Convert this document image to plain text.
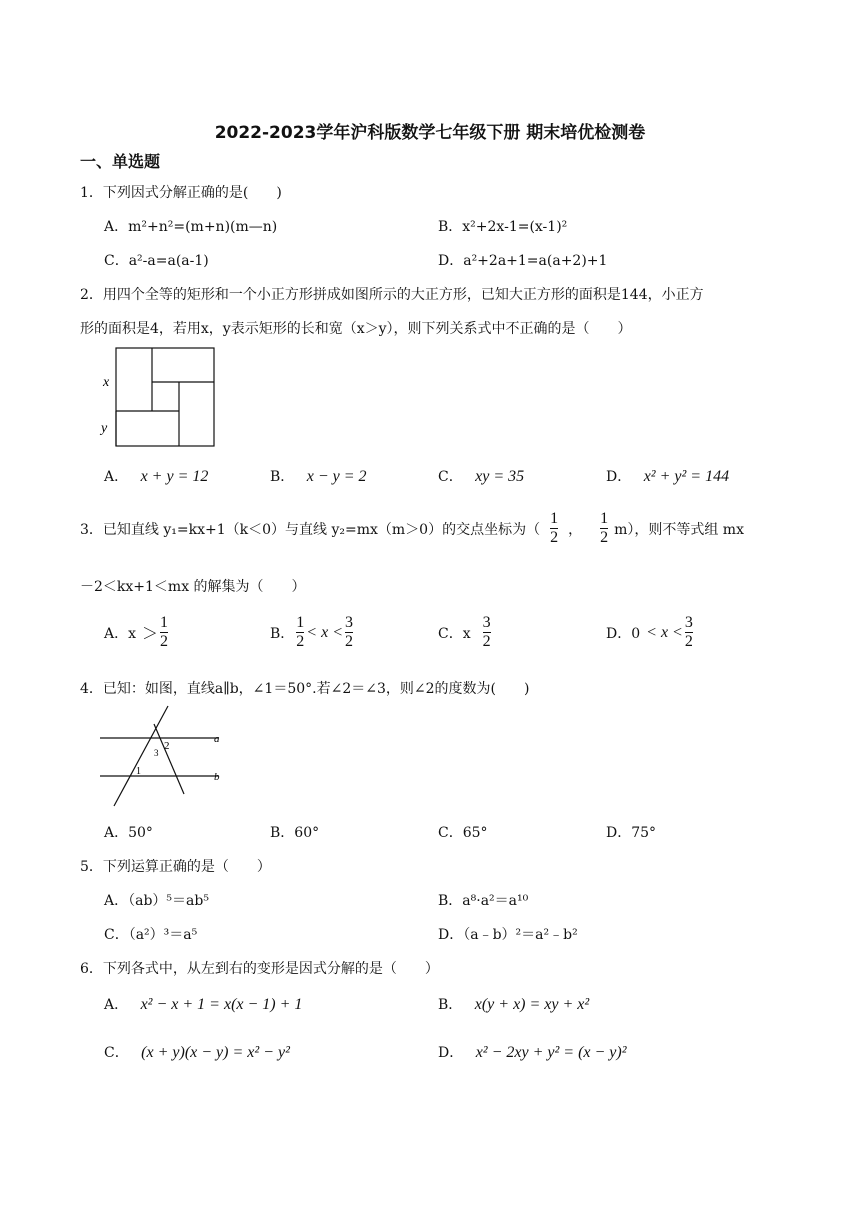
2022-2023学年沪科版数学七年级下册 期末培优检测卷
一、单选题
1．下列因式分解正确的是(　　)
A．m²+n²=(m+n)(m—n)	B．x²+2x-1=(x-1)²
C．a²-a=a(a-1)	D．a²+2a+1=a(a+2)+1
2．用四个全等的矩形和一个小正方形拼成如图所示的大正方形，已知大正方形的面积是144，小正方
形的面积是4，若用x，y表示矩形的长和宽（x＞y），则下列关系式中不正确的是（　　）
x
y
A． x + y = 12	B． x − y = 2	C． xy = 35	D． x² + y² = 144
3．已知直线 y₁=kx+1（k＜0）与直线 y₂=mx（m＞0）的交点坐标为（ $\frac{1}{2}$ ， $\frac{1}{2} m$），则不等式组 mx
－2＜kx+1＜mx 的解集为（　　）
A．$x > \frac{1}{2}$	B． $\frac{1}{2} < x < \frac{3}{2}$	C．x $\frac{3}{2}$	D．$0 < x < \frac{3}{2}$
4．已知：如图，直线a∥b，∠1＝50°.若∠2＝∠3，则∠2的度数为(　　)
a
b
1
2
3
A．50°	B．60°	C．65°	D．75°
5．下列运算正确的是（　　）
A．（ab）⁵＝ab⁵	B．a⁸·a²＝a¹⁰
C．（a²）³＝a⁵	D．（a﹣b）²＝a²﹣b²
6．下列各式中，从左到右的变形是因式分解的是（　　）
A． x² − x + 1 = x(x − 1) + 1	B． x(y + x) = xy + x²
C． (x + y)(x − y) = x² − y²	D． x² − 2xy + y² = (x − y)²
